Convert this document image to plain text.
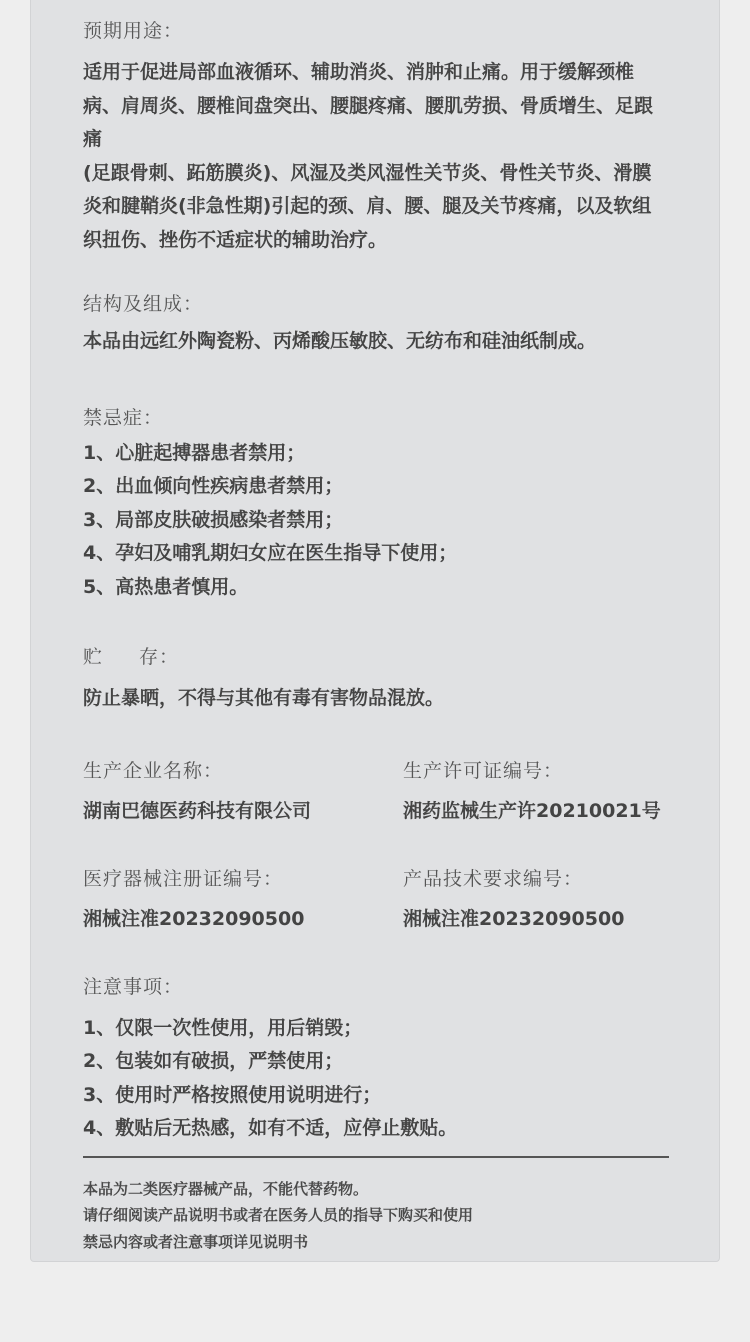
预期用途：
适用于促进局部血液循环、辅助消炎、消肿和止痛。用于缓解颈椎
病、肩周炎、腰椎间盘突出、腰腿疼痛、腰肌劳损、骨质增生、足跟痛
(足跟骨刺、跖筋膜炎)、风湿及类风湿性关节炎、骨性关节炎、滑膜
炎和腱鞘炎(非急性期)引起的颈、肩、腰、腿及关节疼痛，以及软组
织扭伤、挫伤不适症状的辅助治疗。
结构及组成：
本品由远红外陶瓷粉、丙烯酸压敏胶、无纺布和硅油纸制成。
禁忌症：
1、心脏起搏器患者禁用；
2、出血倾向性疾病患者禁用；
3、局部皮肤破损感染者禁用；
4、孕妇及哺乳期妇女应在医生指导下使用；
5、高热患者慎用。
贮 存：
防止暴晒，不得与其他有毒有害物品混放。
生产企业名称：
湖南巴德医药科技有限公司
生产许可证编号：
湘药监械生产许20210021号
医疗器械注册证编号：
湘械注准20232090500
产品技术要求编号：
湘械注准20232090500
注意事项：
1、仅限一次性使用，用后销毁；
2、包装如有破损，严禁使用；
3、使用时严格按照使用说明进行；
4、敷贴后无热感，如有不适，应停止敷贴。
本品为二类医疗器械产品，不能代替药物。
请仔细阅读产品说明书或者在医务人员的指导下购买和使用
禁忌内容或者注意事项详见说明书
